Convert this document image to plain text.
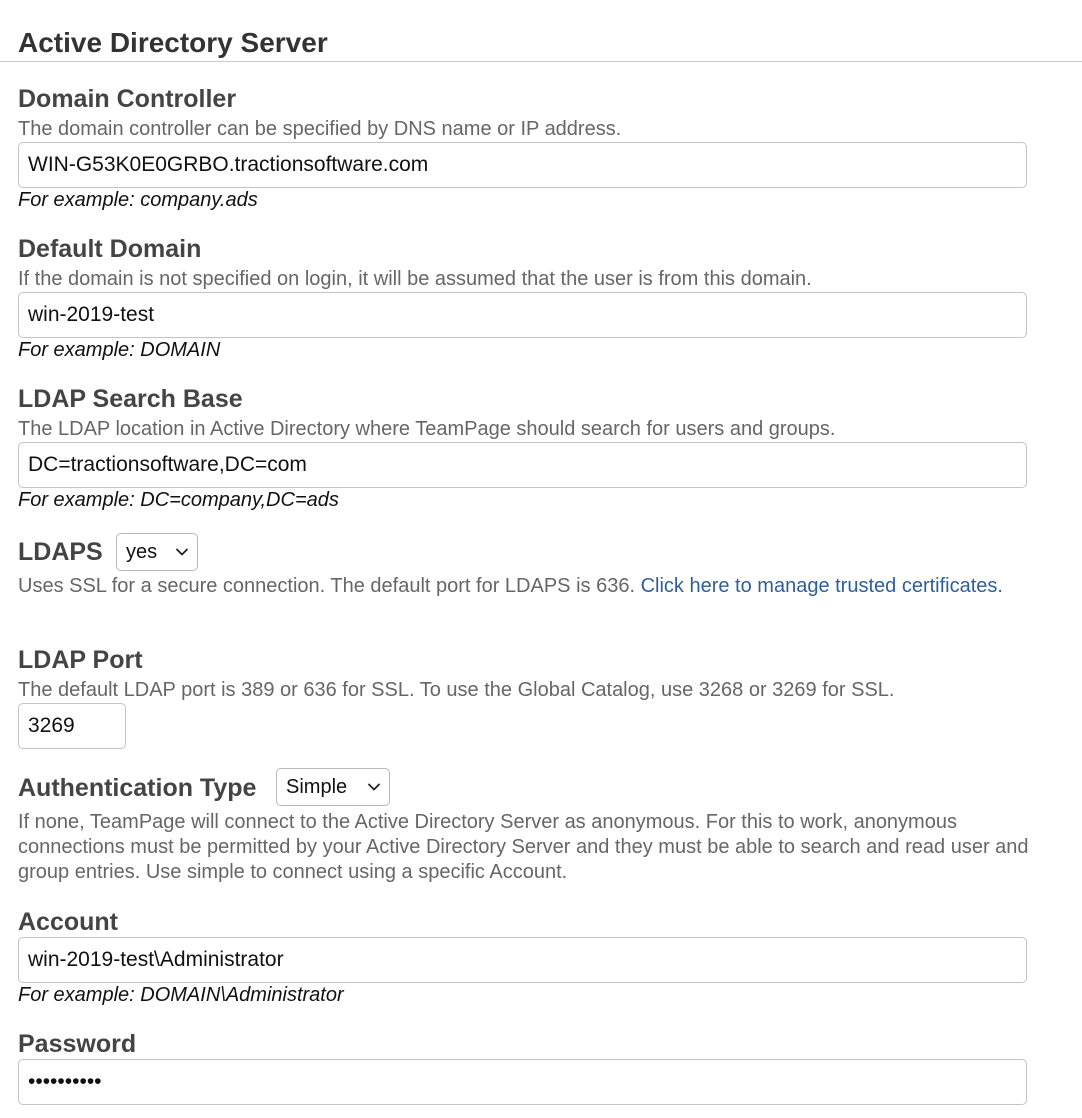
Active Directory Server
Domain Controller
The domain controller can be specified by DNS name or IP address.
WIN-G53K0E0GRBO.tractionsoftware.com
For example: company.ads
Default Domain
If the domain is not specified on login, it will be assumed that the user is from this domain.
win-2019-test
For example: DOMAIN
LDAP Search Base
The LDAP location in Active Directory where TeamPage should search for users and groups.
DC=tractionsoftware,DC=com
For example: DC=company,DC=ads
LDAPS yes
Uses SSL for a secure connection. The default port for LDAPS is 636. Click here to manage trusted certificates.
LDAP Port
The default LDAP port is 389 or 636 for SSL. To use the Global Catalog, use 3268 or 3269 for SSL.
3269
Authentication Type Simple
If none, TeamPage will connect to the Active Directory Server as anonymous. For this to work, anonymous connections must be permitted by your Active Directory Server and they must be able to search and read user and group entries. Use simple to connect using a specific Account.
Account
win-2019-test\Administrator
For example: DOMAIN\Administrator
Password
••••••••••
